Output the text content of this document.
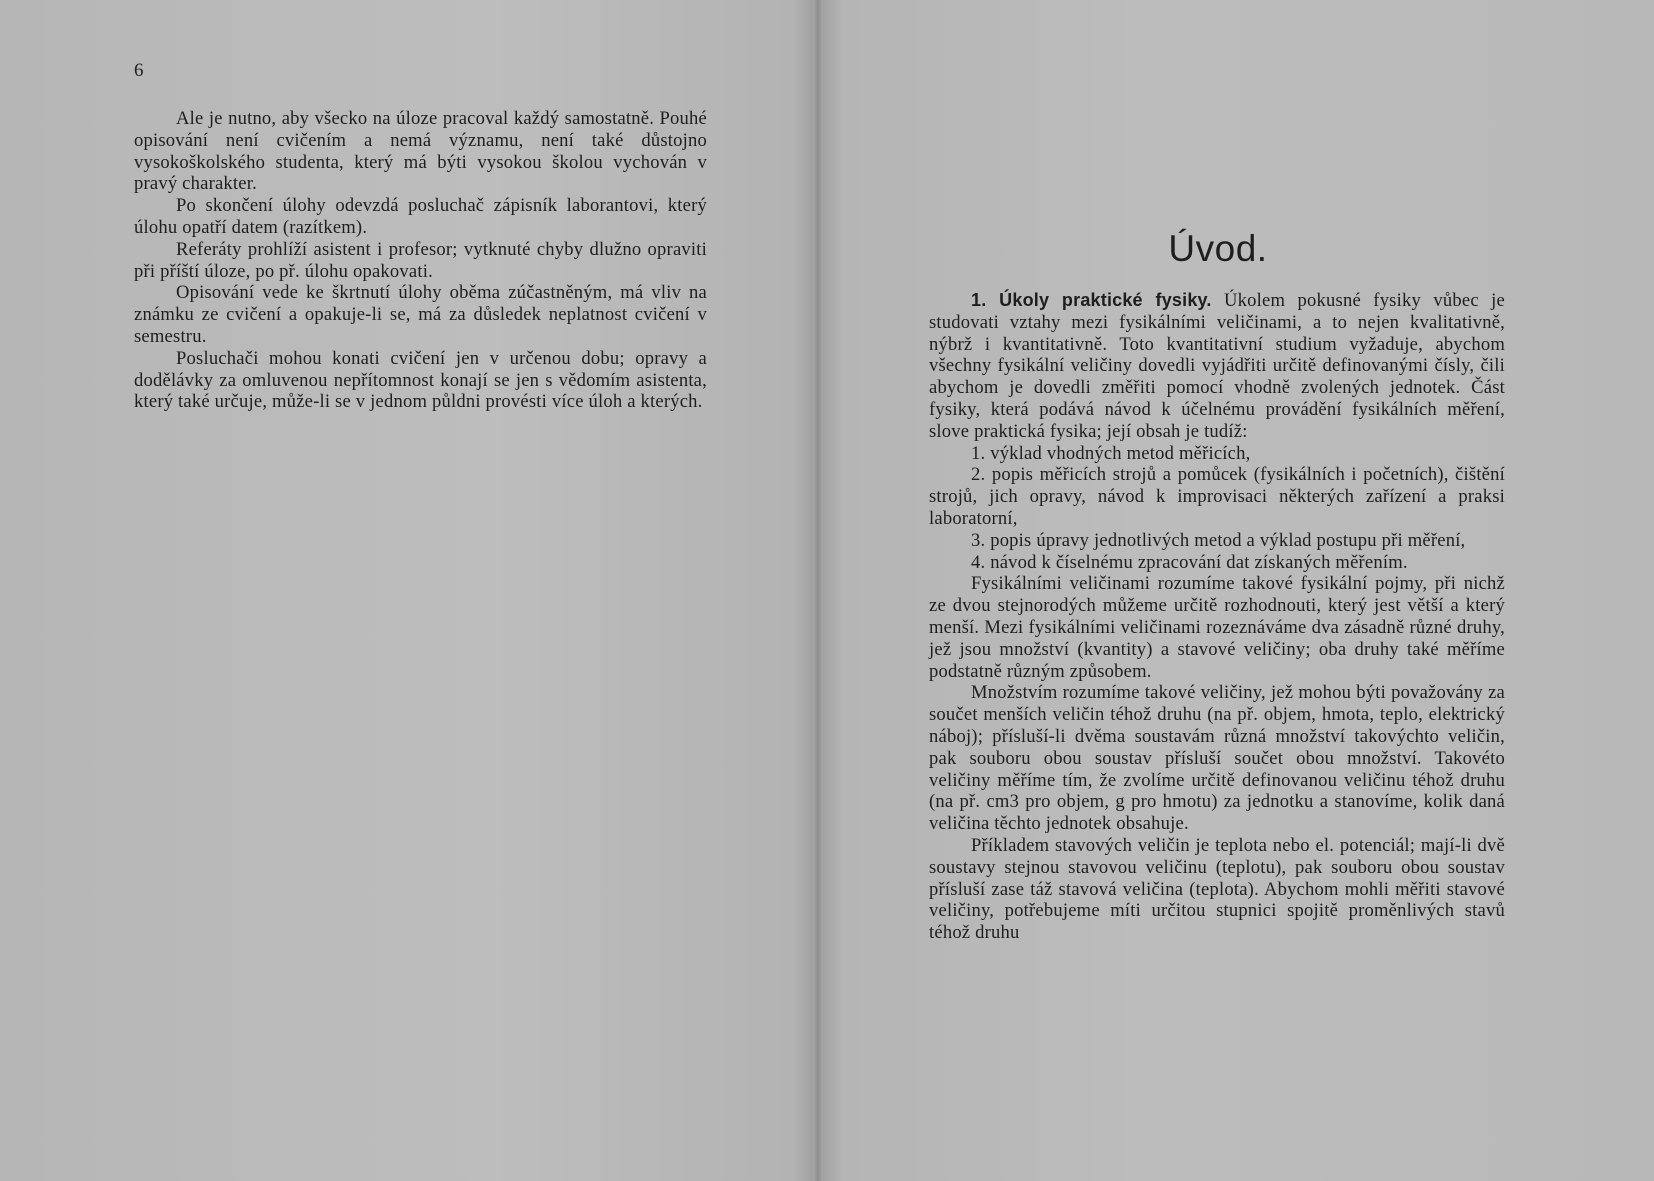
6

Ale je nutno, aby všecko na úloze pracoval každý samostatně. Pouhé opisování není cvičením a nemá významu, není také důstojno vysokoškolského studenta, který má býti vysokou školou vychován v pravý charakter.

Po skončení úlohy odevzdá posluchač zápisník laborantovi, který úlohu opatří datem (razítkem).

Referáty prohlíží asistent i profesor; vytknuté chyby dlužno opraviti při příští úloze, po př. úlohu opakovati.

Opisování vede ke škrtnutí úlohy oběma zúčastněným, má vliv na známku ze cvičení a opakuje-li se, má za důsledek neplatnost cvičení v semestru.

Posluchači mohou konati cvičení jen v určenou dobu; opravy a dodělávky za omluvenou nepřítomnost konají se jen s vědomím asistenta, který také určuje, může-li se v jednom půldni provésti více úloh a kterých.

Úvod.

1. Úkoly praktické fysiky. Úkolem pokusné fysiky vůbec je studovati vztahy mezi fysikálními veličinami, a to nejen kvalitativně, nýbrž i kvantitativně. Toto kvantitativní studium vyžaduje, abychom všechny fysikální veličiny dovedli vyjádřiti určitě definovanými čísly, čili abychom je dovedli změřiti pomocí vhodně zvolených jednotek. Část fysiky, která podává návod k účelnému provádění fysikálních měření, slove praktická fysika; její obsah je tudíž:

1. výklad vhodných metod měřicích,

2. popis měřicích strojů a pomůcek (fysikálních i početních), čištění strojů, jich opravy, návod k improvisaci některých zařízení a praksi laboratorní,

3. popis úpravy jednotlivých metod a výklad postupu při měření,

4. návod k číselnému zpracování dat získaných měřením.

Fysikálními veličinami rozumíme takové fysikální pojmy, při nichž ze dvou stejnorodých můžeme určitě rozhodnouti, který jest větší a který menší. Mezi fysikálními veličinami rozeznáváme dva zásadně různé druhy, jež jsou množství (kvantity) a stavové veličiny; oba druhy také měříme podstatně různým způsobem.

Množstvím rozumíme takové veličiny, jež mohou býti považovány za součet menších veličin téhož druhu (na př. objem, hmota, teplo, elektrický náboj); přísluší-li dvěma soustavám různá množství takovýchto veličin, pak souboru obou soustav přísluší součet obou množství. Takovéto veličiny měříme tím, že zvolíme určitě definovanou veličinu téhož druhu (na př. cm3 pro objem, g pro hmotu) za jednotku a stanovíme, kolik daná veličina těchto jednotek obsahuje.

Příkladem stavových veličin je teplota nebo el. potenciál; mají-li dvě soustavy stejnou stavovou veličinu (teplotu), pak souboru obou soustav přísluší zase táž stavová veličina (teplota). Abychom mohli měřiti stavové veličiny, potřebujeme míti určitou stupnici spojitě proměnlivých stavů téhož druhu
